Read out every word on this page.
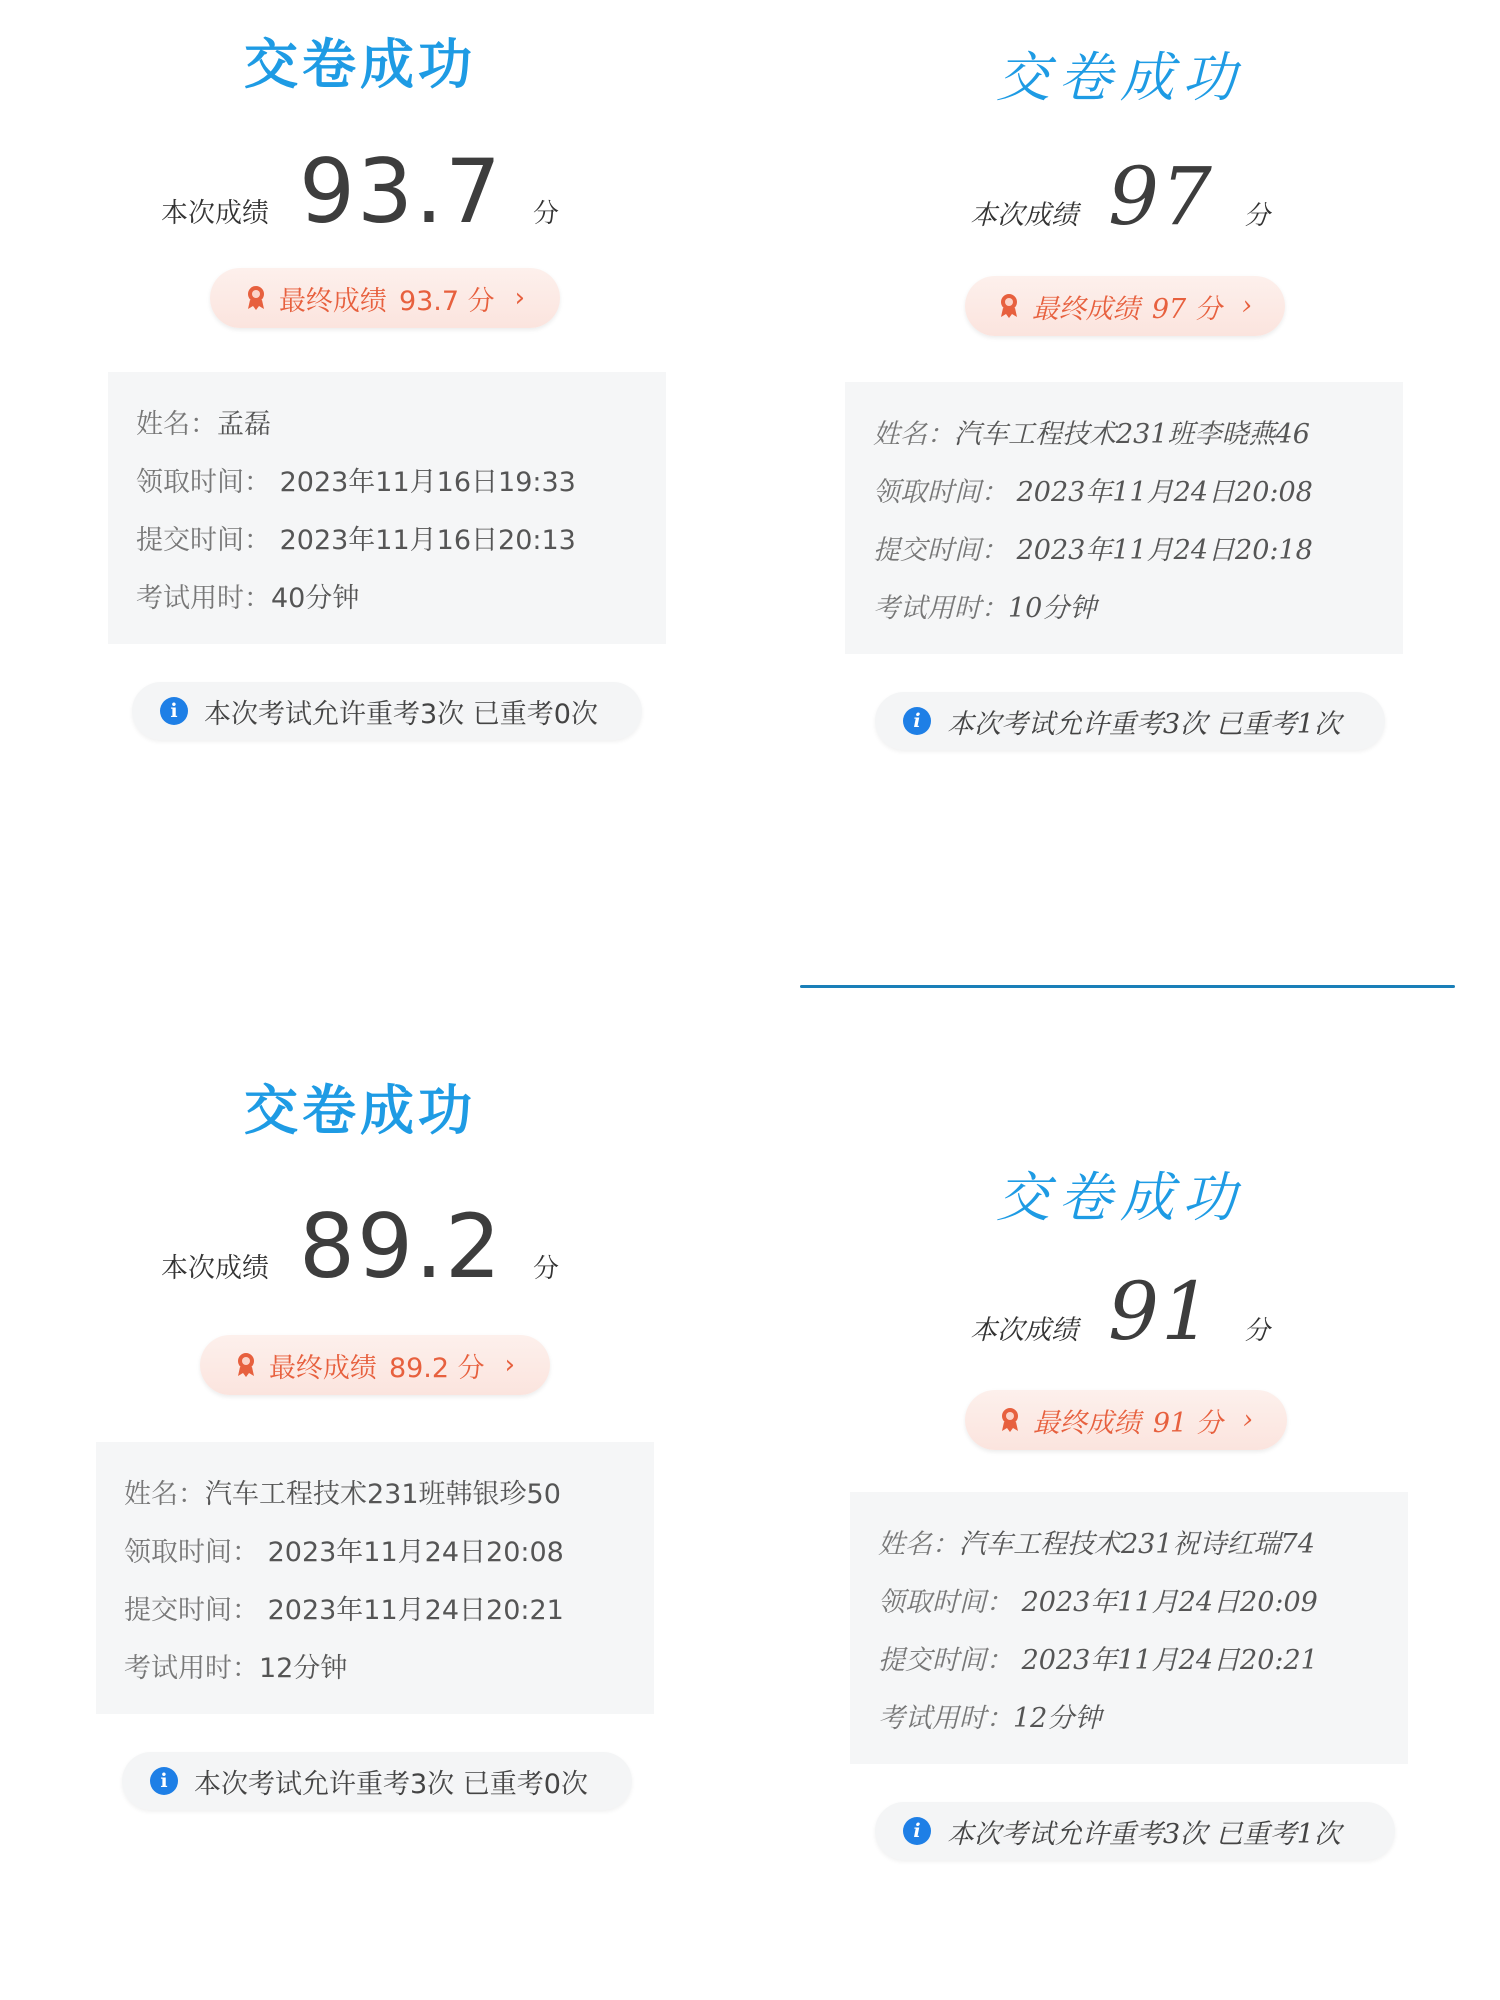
交卷成功
本次成绩 93.7 分
最终成绩 93.7 分 ›
姓名：孟磊
领取时间： 2023年11月16日19:33
提交时间： 2023年11月16日20:13
考试用时：40分钟
i 本次考试允许重考3次 已重考0次
交卷成功
本次成绩 97 分
最终成绩 97 分 ›
姓名：汽车工程技术231班李晓燕46
领取时间： 2023年11月24日20:08
提交时间： 2023年11月24日20:18
考试用时：10分钟
i 本次考试允许重考3次 已重考1次
交卷成功
本次成绩 89.2 分
最终成绩 89.2 分 ›
姓名：汽车工程技术231班韩银珍50
领取时间： 2023年11月24日20:08
提交时间： 2023年11月24日20:21
考试用时：12分钟
i 本次考试允许重考3次 已重考0次
交卷成功
本次成绩 91 分
最终成绩 91 分 ›
姓名：汽车工程技术231祝诗红瑞74
领取时间： 2023年11月24日20:09
提交时间： 2023年11月24日20:21
考试用时：12分钟
i 本次考试允许重考3次 已重考1次
